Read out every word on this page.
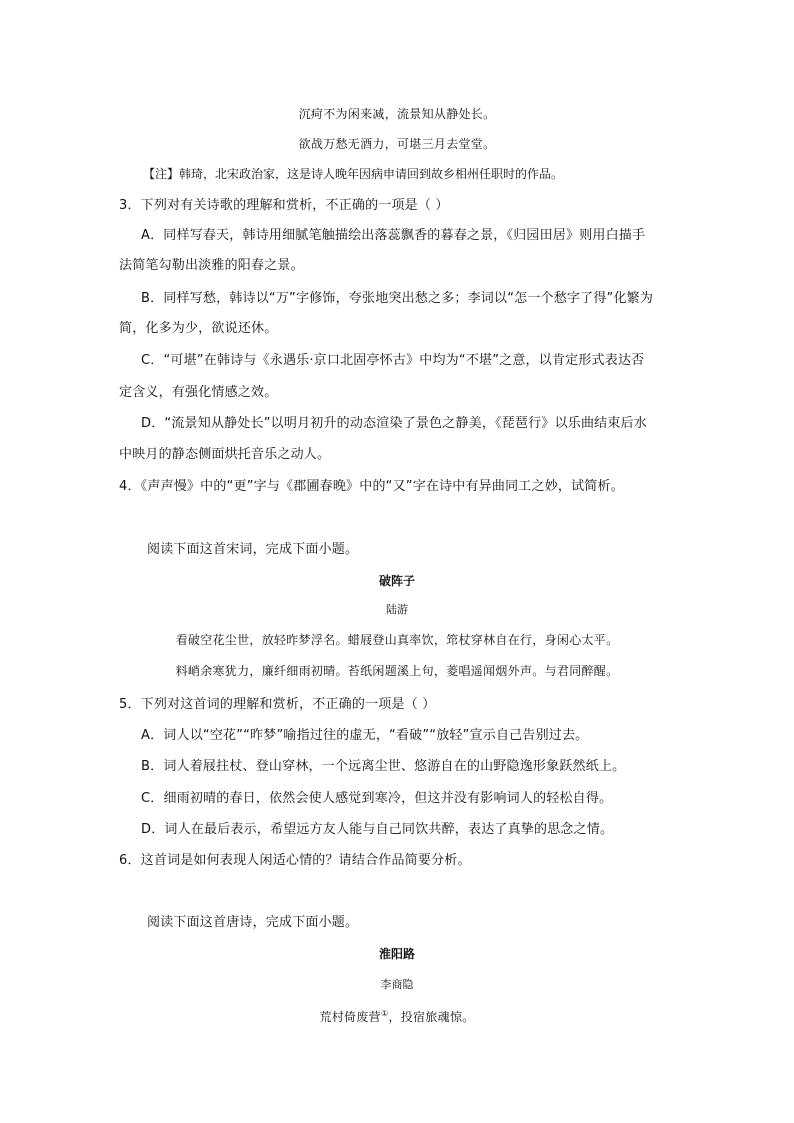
沉疴不为闲来减，流景知从静处长。
欲战万愁无酒力，可堪三月去堂堂。
【注】韩琦，北宋政治家，这是诗人晚年因病申请回到故乡相州任职时的作品。
3．下列对有关诗歌的理解和赏析，不正确的一项是（ ）
A．同样写春天，韩诗用细腻笔触描绘出落蕊飘香的暮春之景，《归园田居》则用白描手
法简笔勾勒出淡雅的阳春之景。
B．同样写愁，韩诗以“万”字修饰，夸张地突出愁之多；李词以“怎一个愁字了得”化繁为
简，化多为少，欲说还休。
C．“可堪”在韩诗与《永遇乐·京口北固亭怀古》中均为“不堪”之意，以肯定形式表达否
定含义，有强化情感之效。
D．“流景知从静处长”以明月初升的动态渲染了景色之静美，《琵琶行》以乐曲结束后水
中映月的静态侧面烘托音乐之动人。
4．《声声慢》中的“更”字与《郡圃春晚》中的“又”字在诗中有异曲同工之妙，试简析。
阅读下面这首宋词，完成下面小题。
破阵子
陆游
看破空花尘世，放轻昨梦浮名。蜡屐登山真率饮，筇杖穿林自在行，身闲心太平。
料峭余寒犹力，廉纤细雨初晴。苔纸闲题溪上句，菱唱遥闻烟外声。与君同醉醒。
5．下列对这首词的理解和赏析，不正确的一项是（ ）
A．词人以“空花”“昨梦”喻指过往的虚无，“看破”“放轻”宣示自己告别过去。
B．词人着屐拄杖、登山穿林，一个远离尘世、悠游自在的山野隐逸形象跃然纸上。
C．细雨初晴的春日，依然会使人感觉到寒冷，但这并没有影响词人的轻松自得。
D．词人在最后表示，希望远方友人能与自己同饮共醉，表达了真挚的思念之情。
6．这首词是如何表现人闲适心情的？请结合作品简要分析。
阅读下面这首唐诗，完成下面小题。
淮阳路
李商隐
荒村倚废营①，投宿旅魂惊。
